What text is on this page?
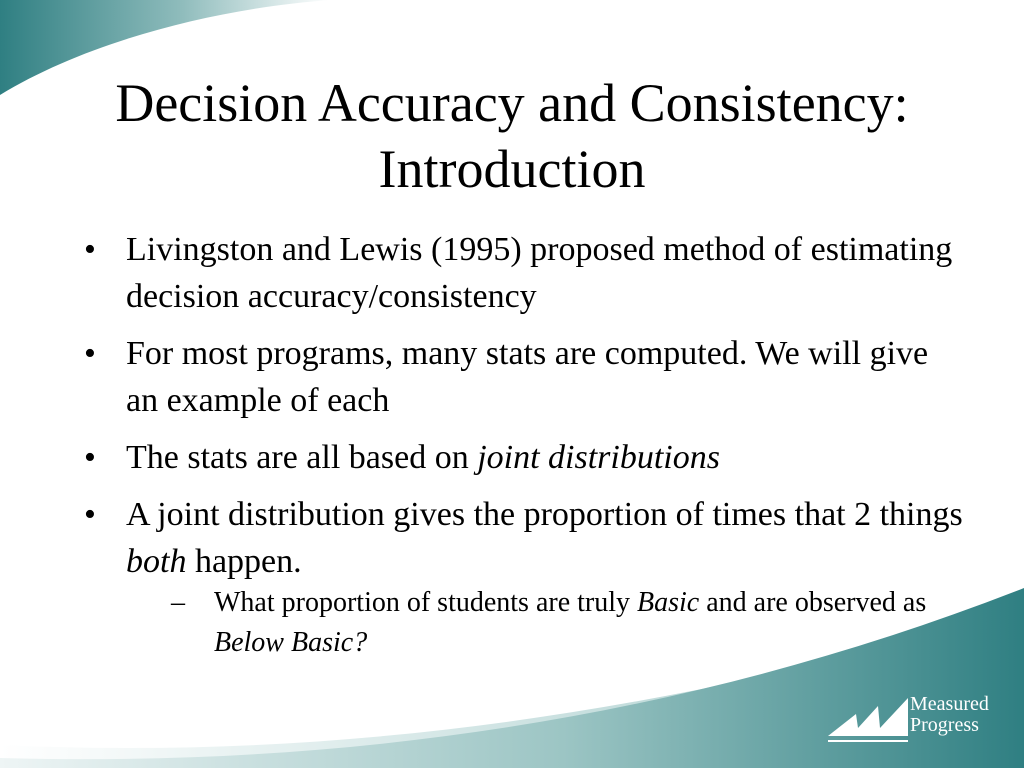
Decision Accuracy and Consistency:
Introduction
• Livingston and Lewis (1995) proposed method of estimating decision accuracy/consistency
• For most programs, many stats are computed. We will give an example of each
• The stats are all based on joint distributions
• A joint distribution gives the proportion of times that 2 things both happen.
– What proportion of students are truly Basic and are observed as Below Basic?
Measured
Progress
